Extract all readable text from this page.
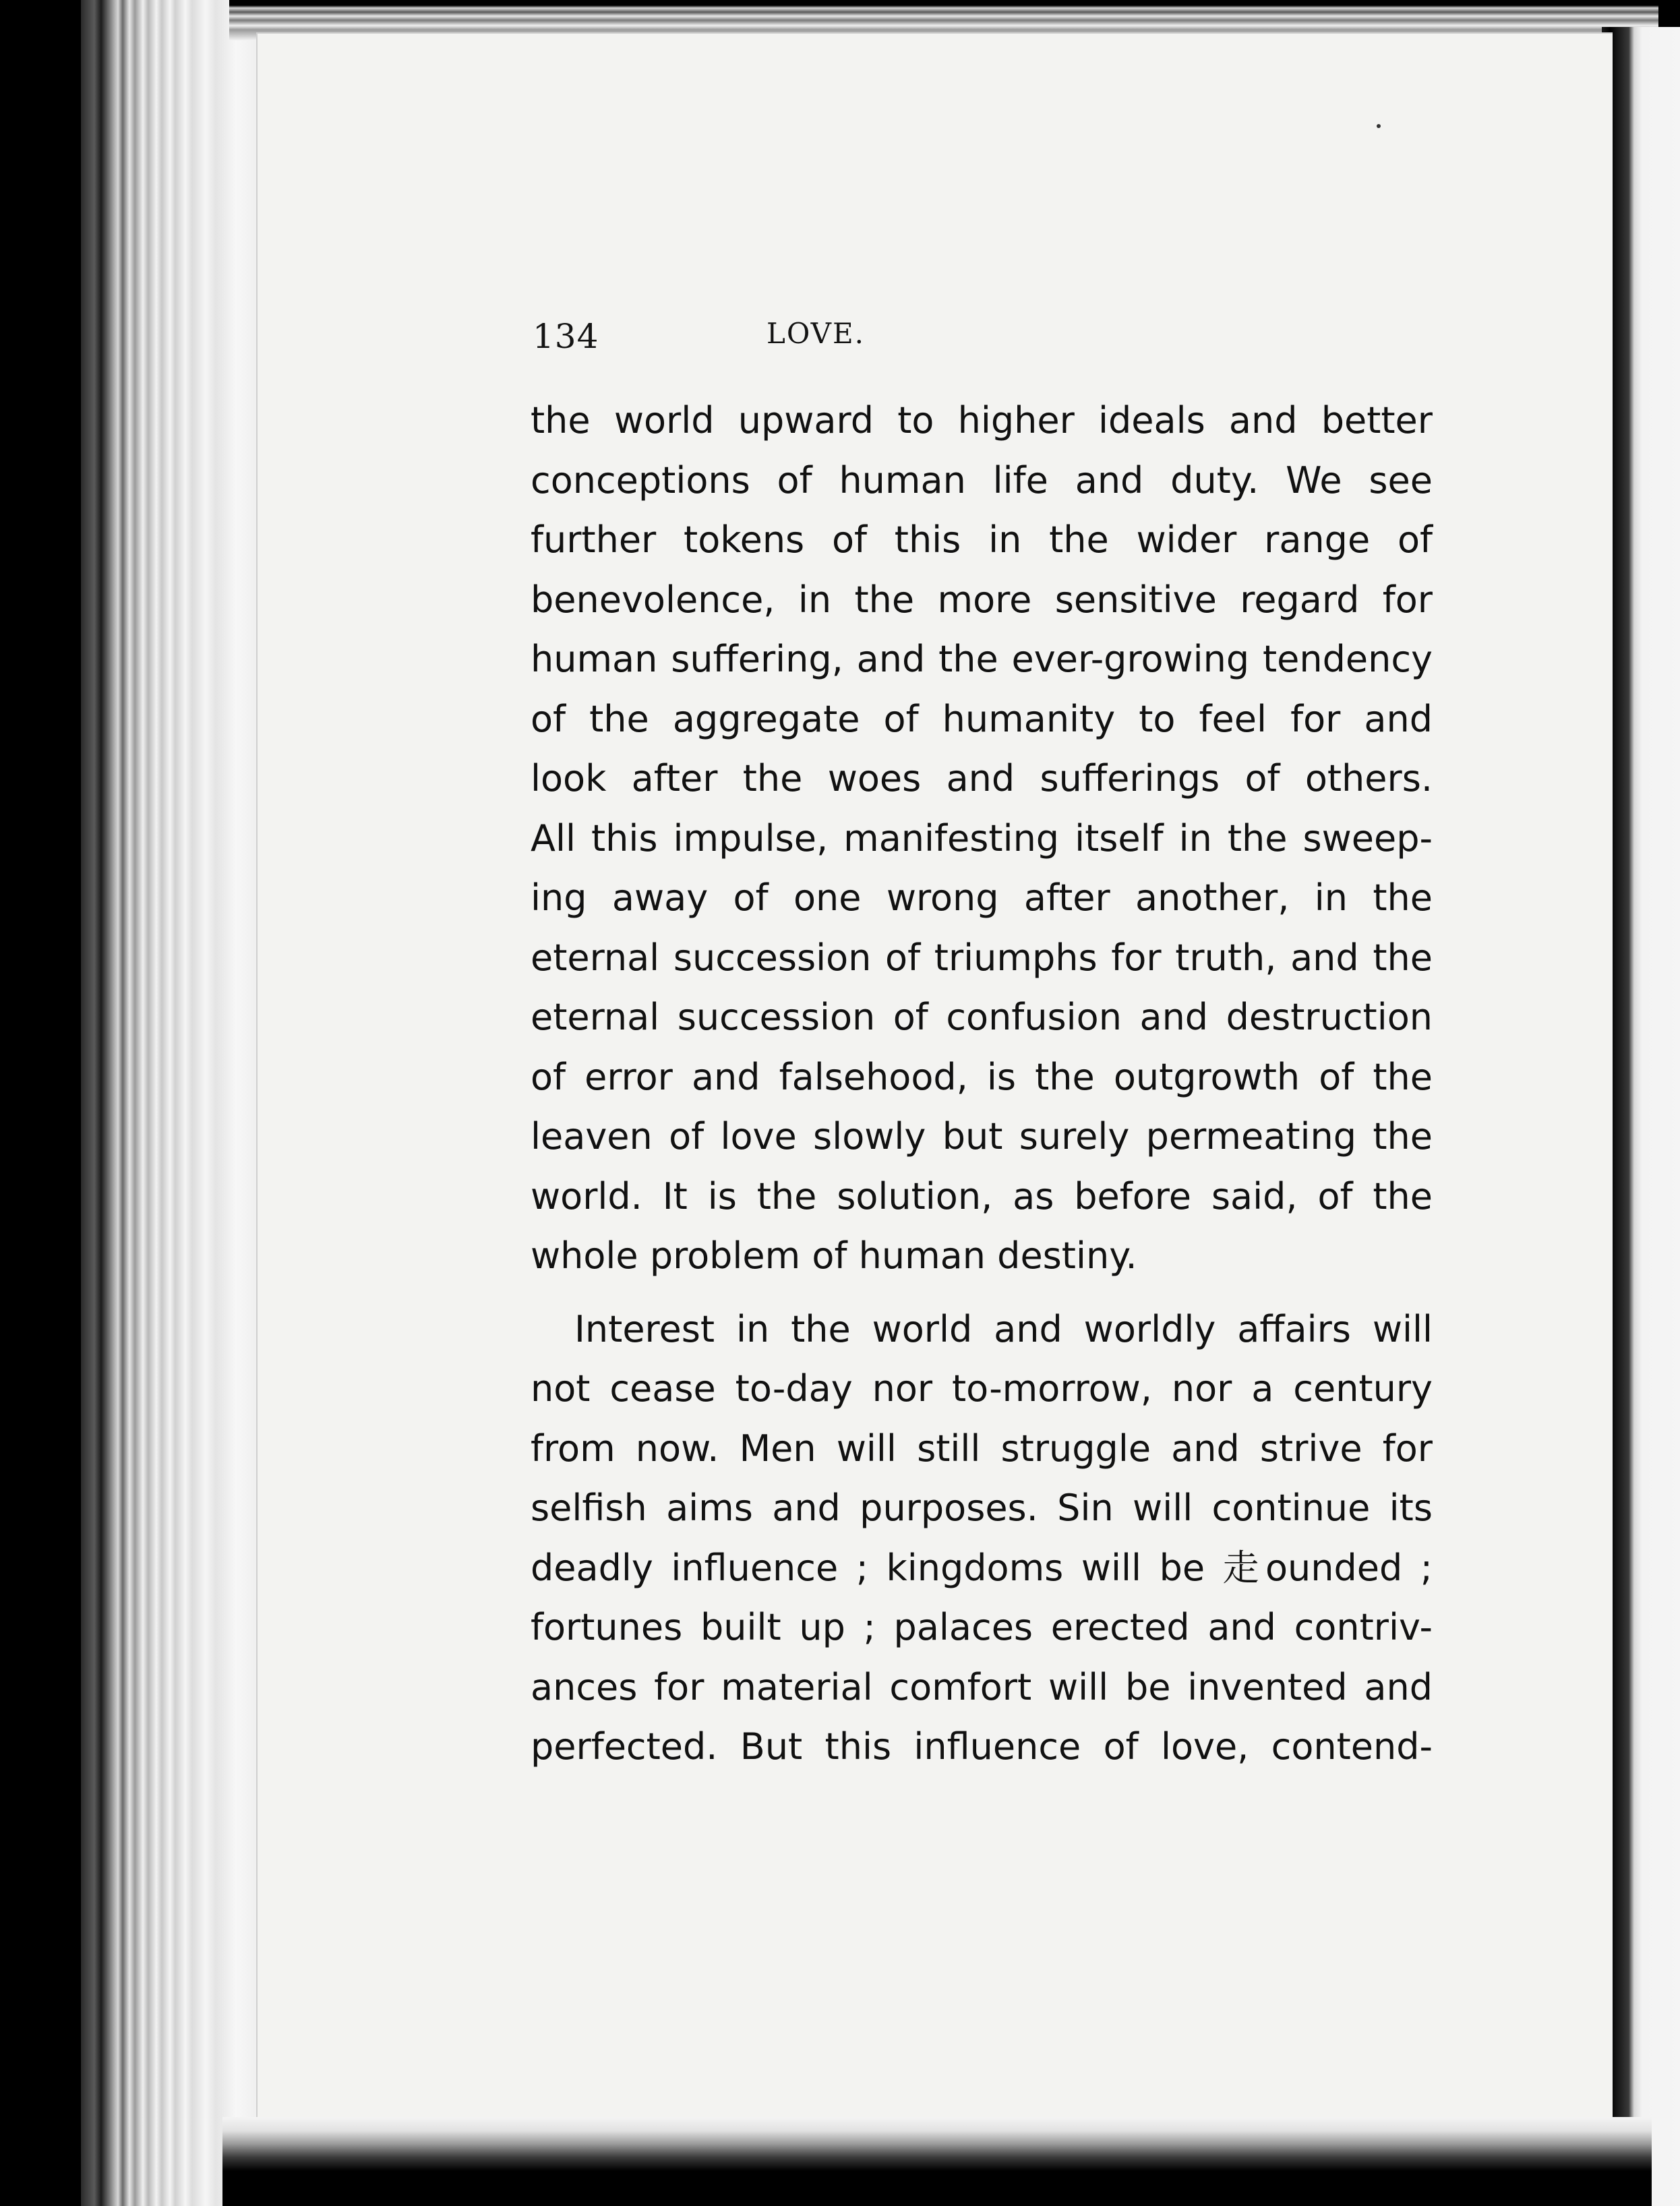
134	LOVE.
the world upward to higher ideals and better
conceptions of human life and duty. We see
further tokens of this in the wider range of
benevolence, in the more sensitive regard for
human suffering, and the ever-growing tendency
of the aggregate of humanity to feel for and
look after the woes and sufferings of others.
All this impulse, manifesting itself in the sweep-
ing away of one wrong after another, in the
eternal succession of triumphs for truth, and the
eternal succession of confusion and destruction
of error and falsehood, is the outgrowth of the
leaven of love slowly but surely permeating the
world. It is the solution, as before said, of the
whole problem of human destiny.
Interest in the world and worldly affairs will
not cease to-day nor to-morrow, nor a century
from now. Men will still struggle and strive for
selfish aims and purposes. Sin will continue its
deadly influence ; kingdoms will be ⾛ounded ;
fortunes built up ; palaces erected and contriv-
ances for material comfort will be invented and
perfected. But this influence of love, contend-
